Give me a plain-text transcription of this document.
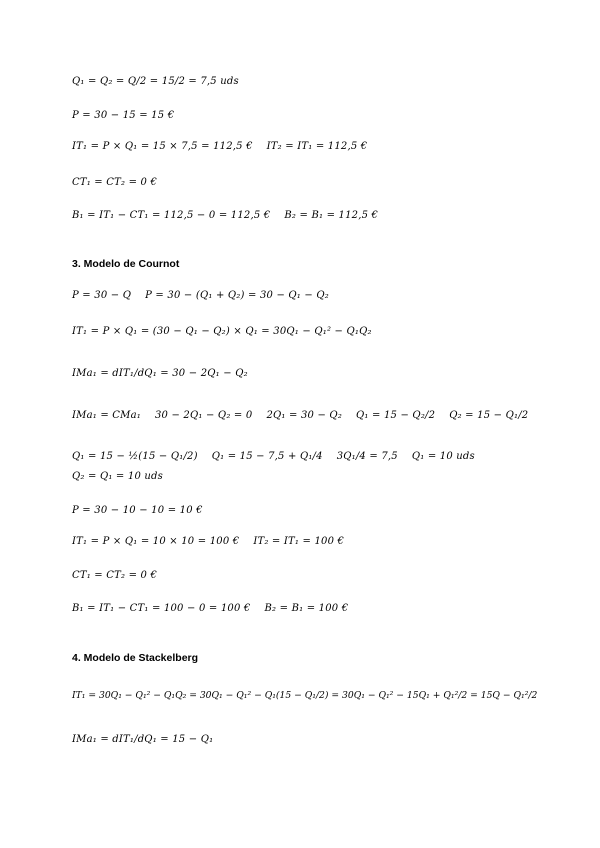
Q₁ = Q₂ = Q/2 = 15/2 = 7,5 uds
P = 30 − 15 = 15 €
IT₁ = P × Q₁ = 15 × 7,5 = 112,5 € IT₂ = IT₁ = 112,5 €
CT₁ = CT₂ = 0 €
B₁ = IT₁ − CT₁ = 112,5 − 0 = 112,5 € B₂ = B₁ = 112,5 €
3. Modelo de Cournot
P = 30 − Q P = 30 − (Q₁ + Q₂) = 30 − Q₁ − Q₂
IT₁ = P × Q₁ = (30 − Q₁ − Q₂) × Q₁ = 30Q₁ − Q₁² − Q₁Q₂
IMa₁ = dIT₁/dQ₁ = 30 − 2Q₁ − Q₂
IMa₁ = CMa₁ 30 − 2Q₁ − Q₂ = 0 2Q₁ = 30 − Q₂ Q₁ = 15 − Q₂/2 Q₂ = 15 − Q₁/2
Q₁ = 15 − ½(15 − Q₁/2) Q₁ = 15 − 7,5 + Q₁/4 3Q₁/4 = 7,5 Q₁ = 10 uds
Q₂ = Q₁ = 10 uds
P = 30 − 10 − 10 = 10 €
IT₁ = P × Q₁ = 10 × 10 = 100 € IT₂ = IT₁ = 100 €
CT₁ = CT₂ = 0 €
B₁ = IT₁ − CT₁ = 100 − 0 = 100 € B₂ = B₁ = 100 €
4. Modelo de Stackelberg
IT₁ = 30Q₁ − Q₁² − Q₁Q₂ = 30Q₁ − Q₁² − Q₁(15 − Q₁/2) = 30Q₁ − Q₁² − 15Q₁ + Q₁²/2 = 15Q − Q₁²/2
IMa₁ = dIT₁/dQ₁ = 15 − Q₁
